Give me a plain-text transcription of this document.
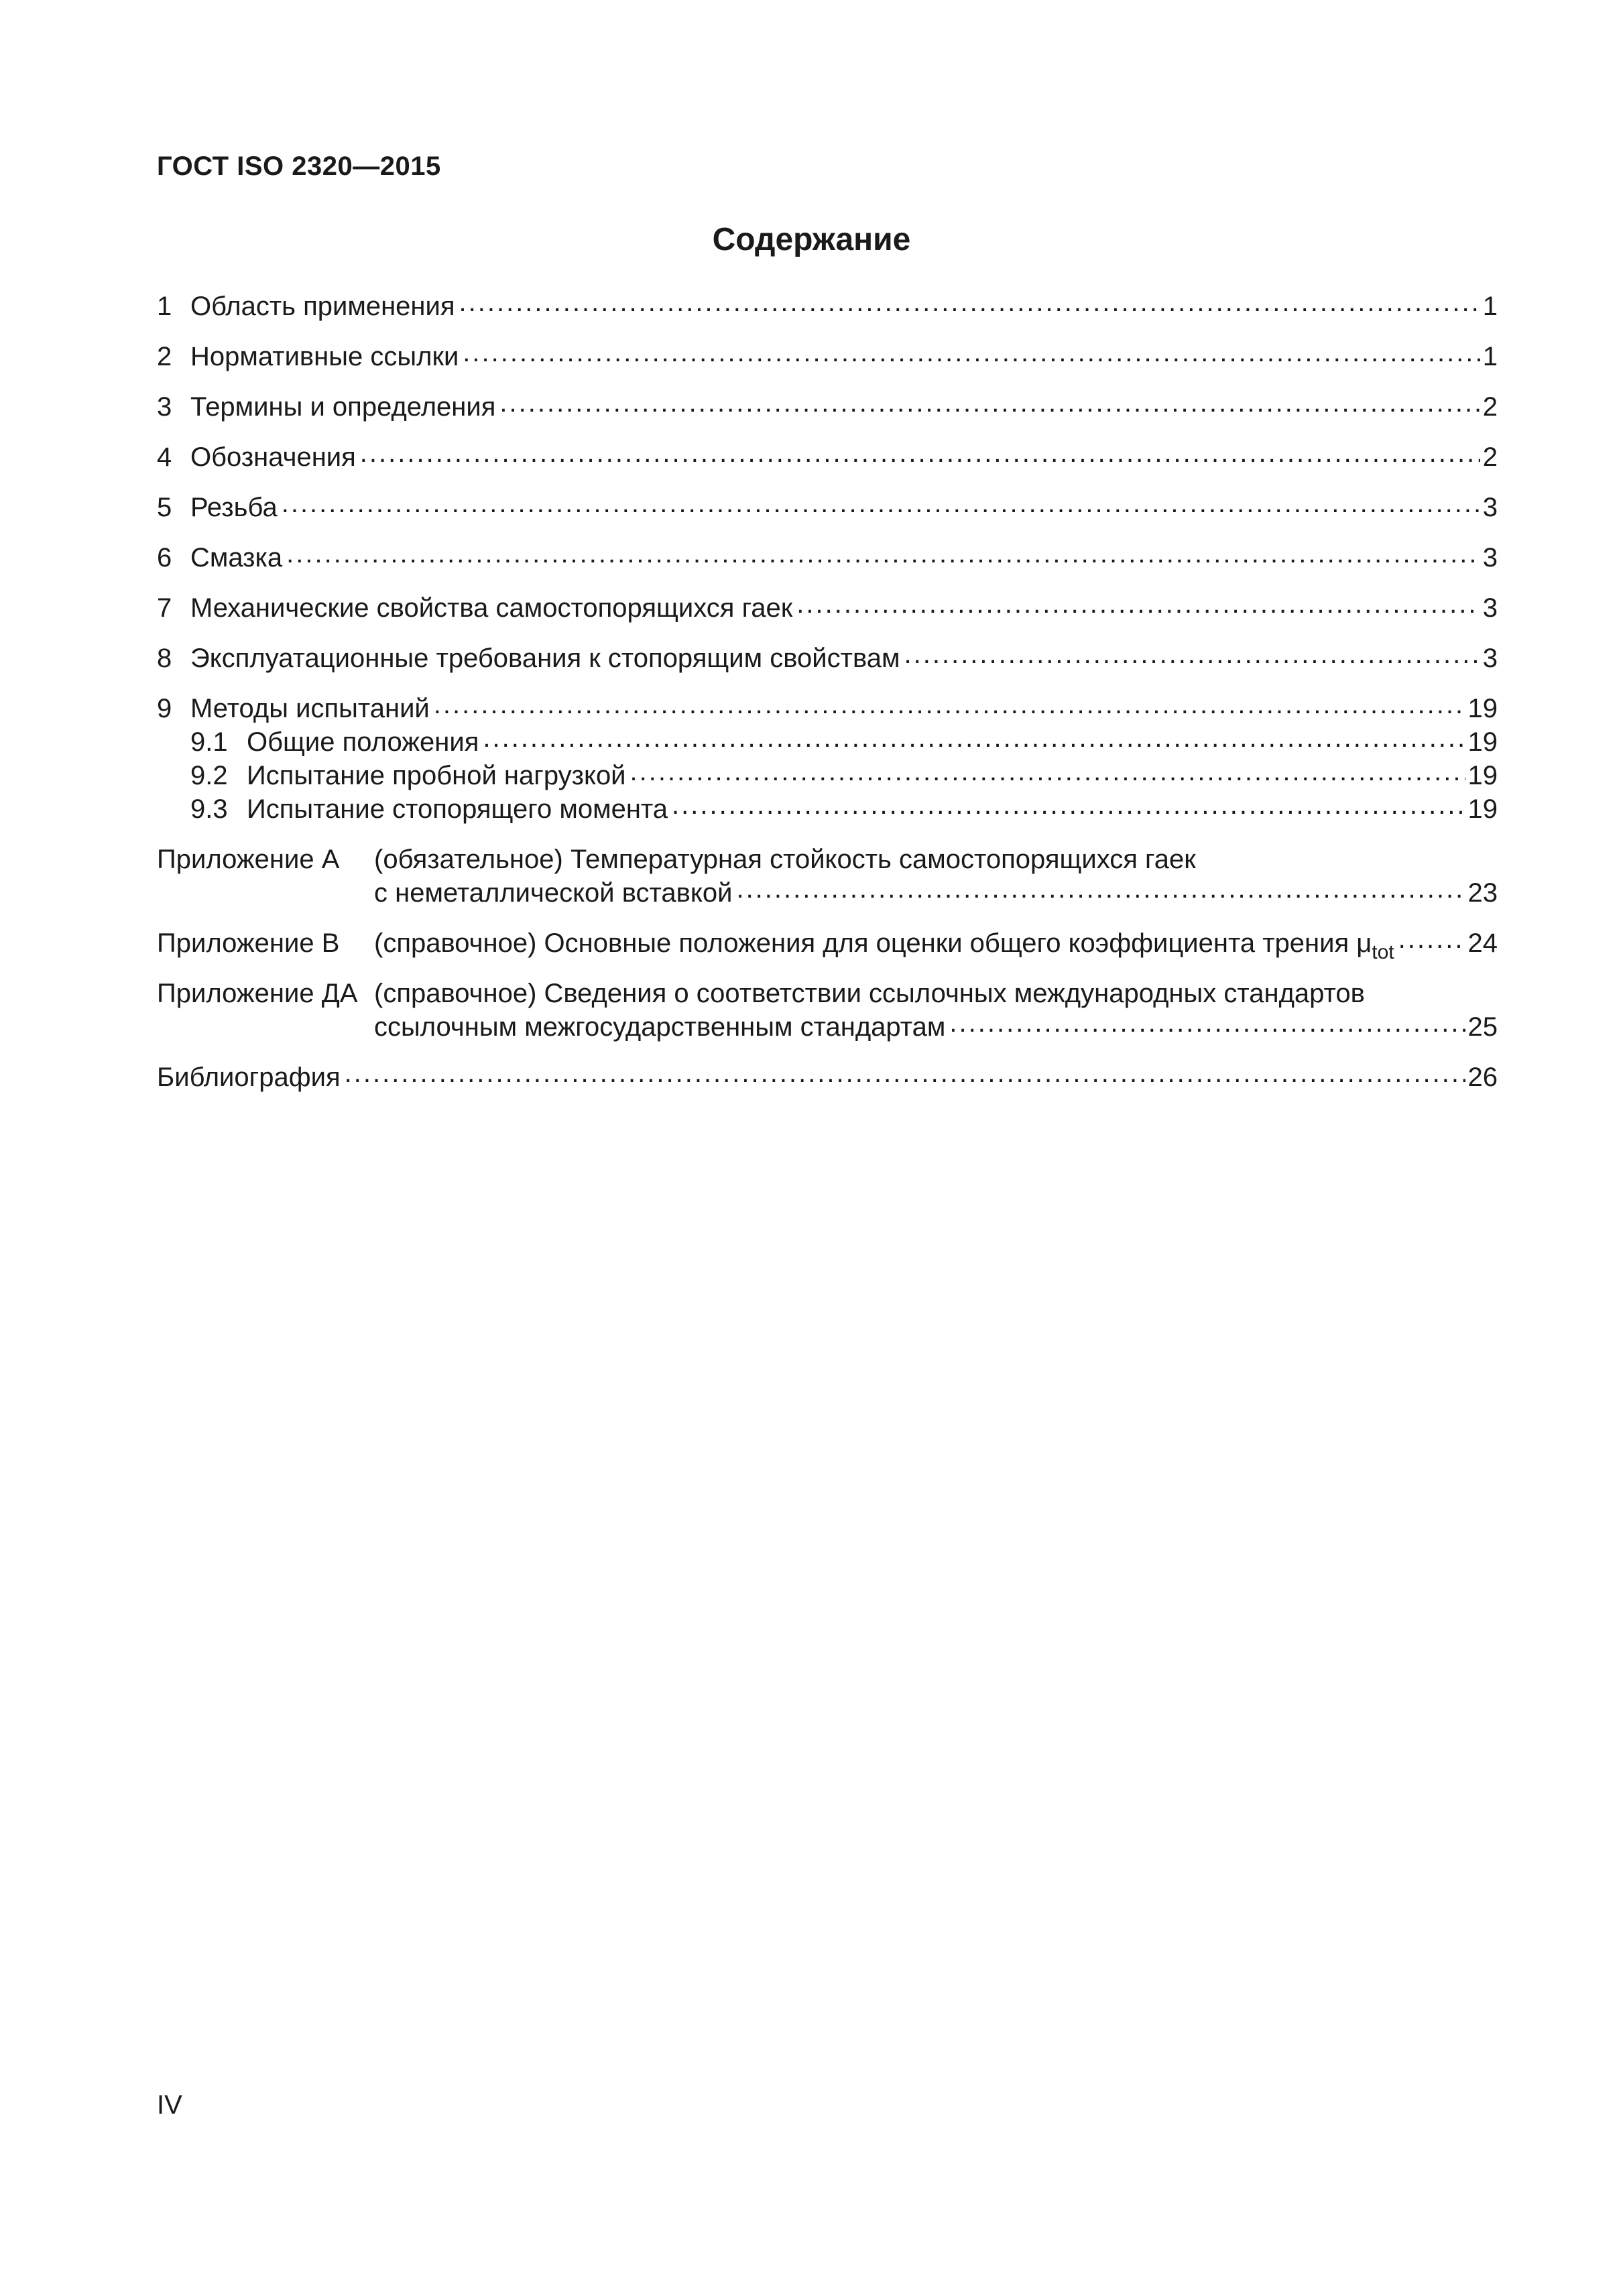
ГОСТ ISO 2320—2015
Содержание
1 Область применения .....	1
2 Нормативные ссылки .....	1
3 Термины и определения .....	2
4 Обозначения .....	2
5 Резьба .....	3
6 Смазка .....	3
7 Механические свойства самостопорящихся гаек .....	3
8 Эксплуатационные требования к стопорящим свойствам .....	3
9 Методы испытаний .....	19
9.1 Общие положения .....	19
9.2 Испытание пробной нагрузкой .....	19
9.3 Испытание стопорящего момента .....	19
Приложение А	(обязательное) Температурная стойкость самостопорящихся гаек
с неметаллической вставкой .....	23
Приложение В	(справочное) Основные положения для оценки общего коэффициента трения $\mu_{tot}$ .....	24
Приложение ДА (справочное) Сведения о соответствии ссылочных международных стандартов
ссылочным межгосударственным стандартам .....	25
Библиография .....	26
IV
